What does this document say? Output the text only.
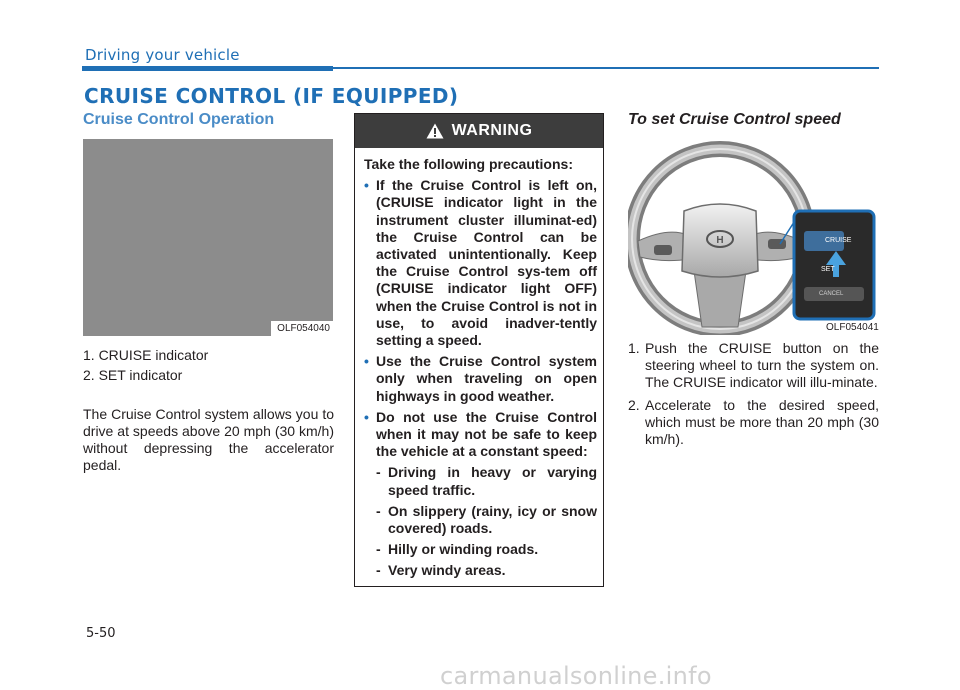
Driving your vehicle
CRUISE CONTROL (IF EQUIPPED)
Cruise Control Operation
OLF054040
1. CRUISE indicator
2. SET indicator
The Cruise Control system allows you to drive at speeds above 20 mph (30 km/h) without depressing the accelerator pedal.
WARNING

Take the following precautions:

• If the Cruise Control is left on, (CRUISE indicator light in the instrument cluster illuminat-ed) the Cruise Control can be activated unintentionally. Keep the Cruise Control sys-tem off (CRUISE indicator light OFF) when the Cruise Control is not in use, to avoid inadver-tently setting a speed.

• Use the Cruise Control system only when traveling on open highways in good weather.

• Do not use the Cruise Control when it may not be safe to keep the vehicle at a constant speed:

- Driving in heavy or varying speed traffic.

- On slippery (rainy, icy or snow covered) roads.

- Hilly or winding roads.

- Very windy areas.

To set Cruise Control speed
H	CRUISE
SET
CANCEL
OLF054041
1. Push the CRUISE button on the steering wheel to turn the system on. The CRUISE indicator will illu-minate.
2. Accelerate to the desired speed, which must be more than 20 mph (30 km/h).
5-50
carmanualsonline.info
